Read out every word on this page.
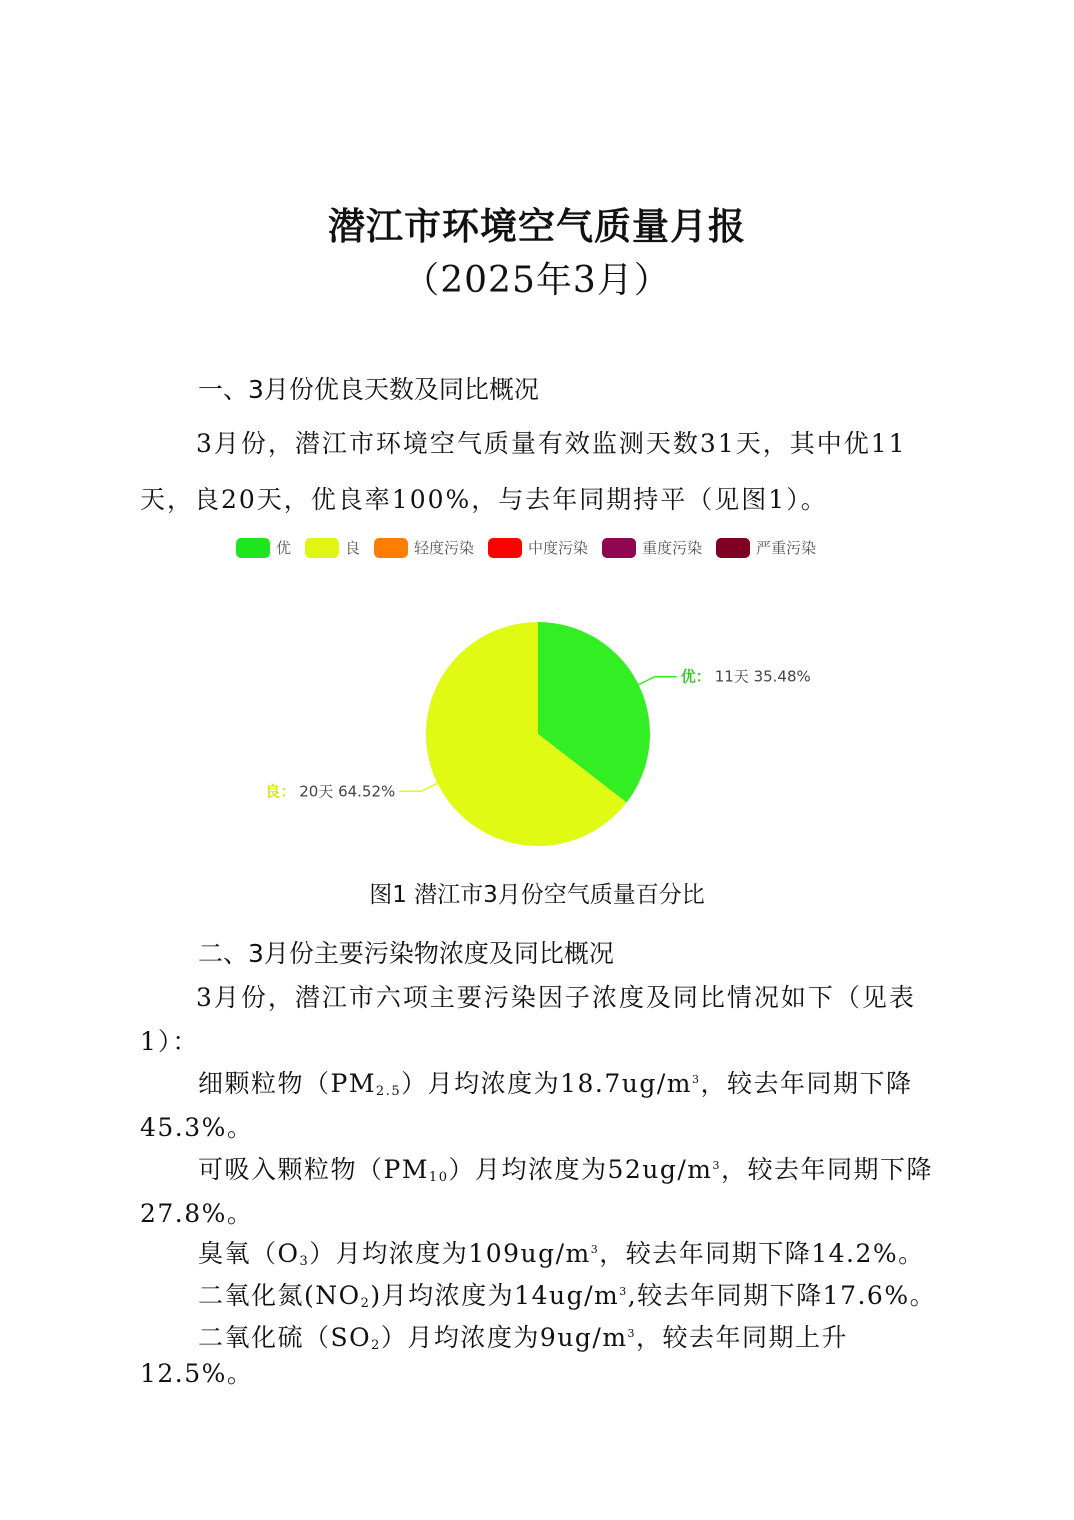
潜江市环境空气质量月报
（2025年3月）
一、3月份优良天数及同比概况
3月份，潜江市环境空气质量有效监测天数31天，其中优11天，良20天，优良率100%，与去年同期持平（见图1）。
优	良	轻度污染	中度污染	重度污染	严重污染
优： 11天 35.48%
良： 20天 64.52%
图1 潜江市3月份空气质量百分比
二、3月份主要污染物浓度及同比概况
3月份，潜江市六项主要污染因子浓度及同比情况如下（见表1）：
细颗粒物$(PM_{2.5})$月均浓度为$18.7ug/m^3$，较去年同期下降
45.3%。
可吸入颗粒物$(PM_{10})$月均浓度为$52ug/m^3$，较去年同期下降
27.8%。
臭氧$(O_3)$月均浓度为$109ug/m^3$，较去年同期下降14.2%。
二氧化氮$(NO_2)$月均浓度为$14ug/m^3$,较去年同期下降17.6%。
二氧化硫$(SO_2)$月均浓度为$9ug/m^3$，较去年同期上升12.5%。
